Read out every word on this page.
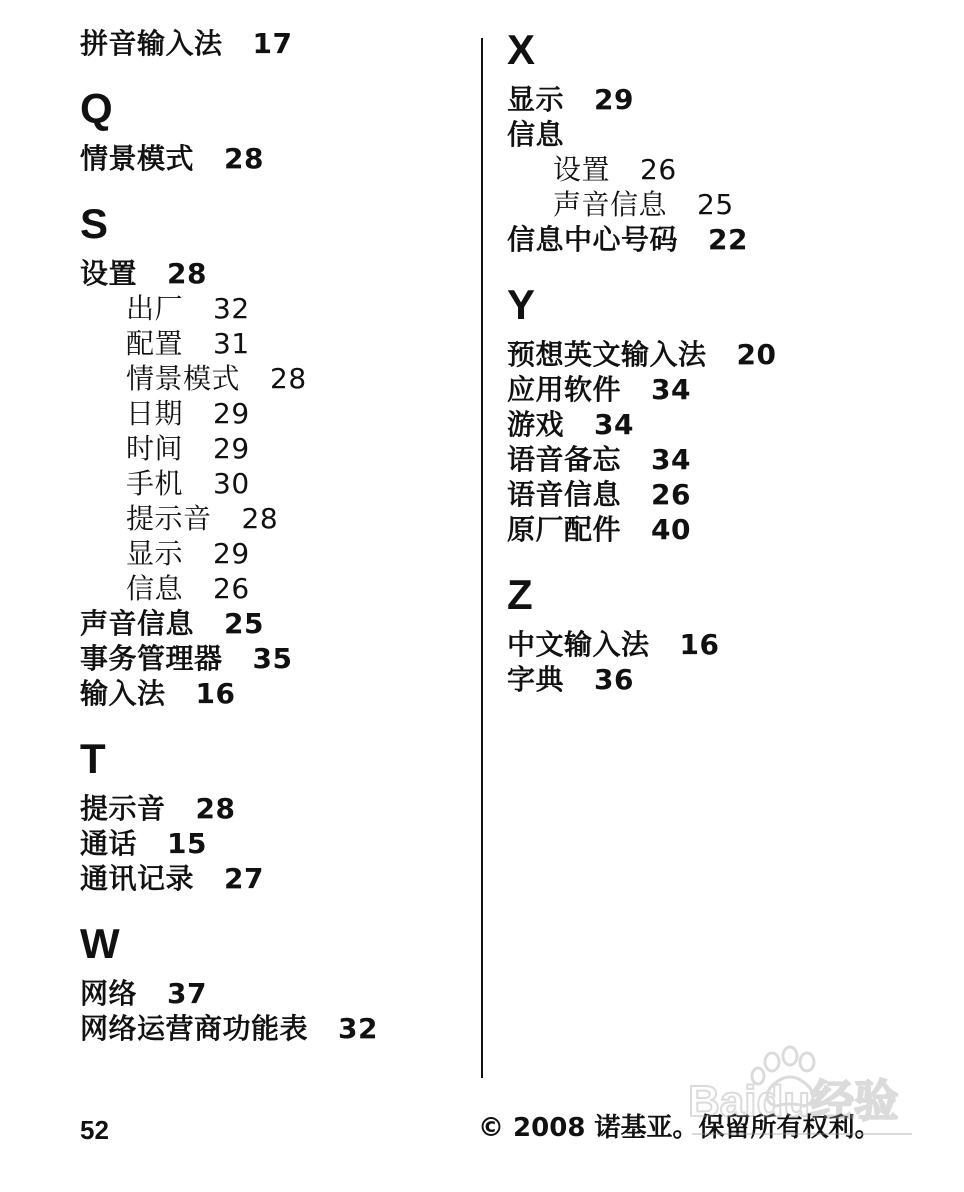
拼音输入法 17
Q
情景模式 28
S
设置 28
出厂 32
配置 31
情景模式 28
日期 29
时间 29
手机 30
提示音 28
显示 29
信息 26
声音信息 25
事务管理器 35
输入法 16
T
提示音 28
通话 15
通讯记录 27
W
网络 37
网络运营商功能表 32
X
显示 29
信息
设置 26
声音信息 25
信息中心号码 22
Y
预想英文输入法 20
应用软件 34
游戏 34
语音备忘 34
语音信息 26
原厂配件 40
Z
中文输入法 16
字典 36
52	© 2008 诺基亚。保留所有权利。
Baidu经验
